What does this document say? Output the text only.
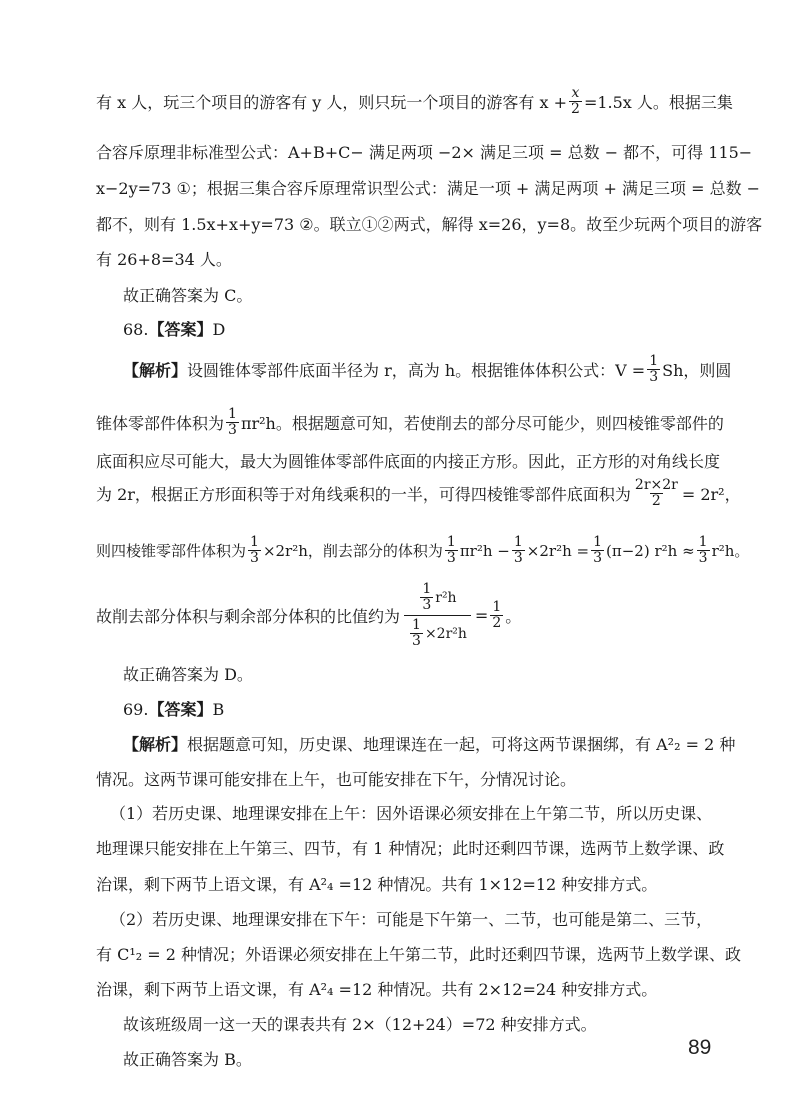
有 x 人，玩三个项目的游客有 y 人，则只玩一个项目的游客有 $x + \frac{x}{2} =1.5x$ 人。根据三集
合容斥原理非标准型公式：A+B+C− 满足两项 −2× 满足三项 = 总数 − 都不，可得 115−
x−2y=73 ①；根据三集合容斥原理常识型公式：满足一项 + 满足两项 + 满足三项 = 总数 −
都不，则有 1.5x+x+y=73 ②。联立①②两式，解得 x=26，y=8。故至少玩两个项目的游客
有 26+8=34 人。
故正确答案为 C。
68.【答案】D
【解析】 设圆锥体零部件底面半径为 r，高为 h。根据锥体体积公式：$V = \frac{1}{3}$ Sh，则圆
锥体零部件体积为 $\frac{1}{3} \pi r^2h$。根据题意可知，若使削去的部分尽可能少，则四棱锥零部件的
底面积应尽可能大，最大为圆锥体零部件底面的内接正方形。因此，正方形的对角线长度
为 2r，根据正方形面积等于对角线乘积的一半，可得四棱锥零部件底面积为 $\frac{2r\times 2r}{2} = 2r^2$，
则四棱锥零部件体积为 $\frac{1}{3} \times 2r^2h$，削去部分的体积为 $\frac{1}{3} \pi r^2h - \frac{1}{3} \times 2r^2h = \frac{1}{3} (\pi-2) r^2h \approx \frac{1}{3} r^2h$。
故削去部分体积与剩余部分体积的比值约为 $\frac{\frac{1}{3} r^2h}{\frac{1}{3} \times 2r^2h} = \frac{1}{2}$ 。
故正确答案为 D。
69.【答案】B
【解析】根据题意可知，历史课、地理课连在一起，可将这两节课捆绑，有 A²₂ = 2 种
情况。这两节课可能安排在上午，也可能安排在下午，分情况讨论。
（1）若历史课、地理课安排在上午：因外语课必须安排在上午第二节，所以历史课、
地理课只能安排在上午第三、四节，有 1 种情况；此时还剩四节课，选两节上数学课、政
治课，剩下两节上语文课，有 A²₄ =12 种情况。共有 1×12=12 种安排方式。
（2）若历史课、地理课安排在下午：可能是下午第一、二节，也可能是第二、三节，
有 C¹₂ = 2 种情况；外语课必须安排在上午第二节，此时还剩四节课，选两节上数学课、政
治课，剩下两节上语文课，有 A²₄ =12 种情况。共有 2×12=24 种安排方式。
故该班级周一这一天的课表共有 2×（12+24）=72 种安排方式。
故正确答案为 B。
89
